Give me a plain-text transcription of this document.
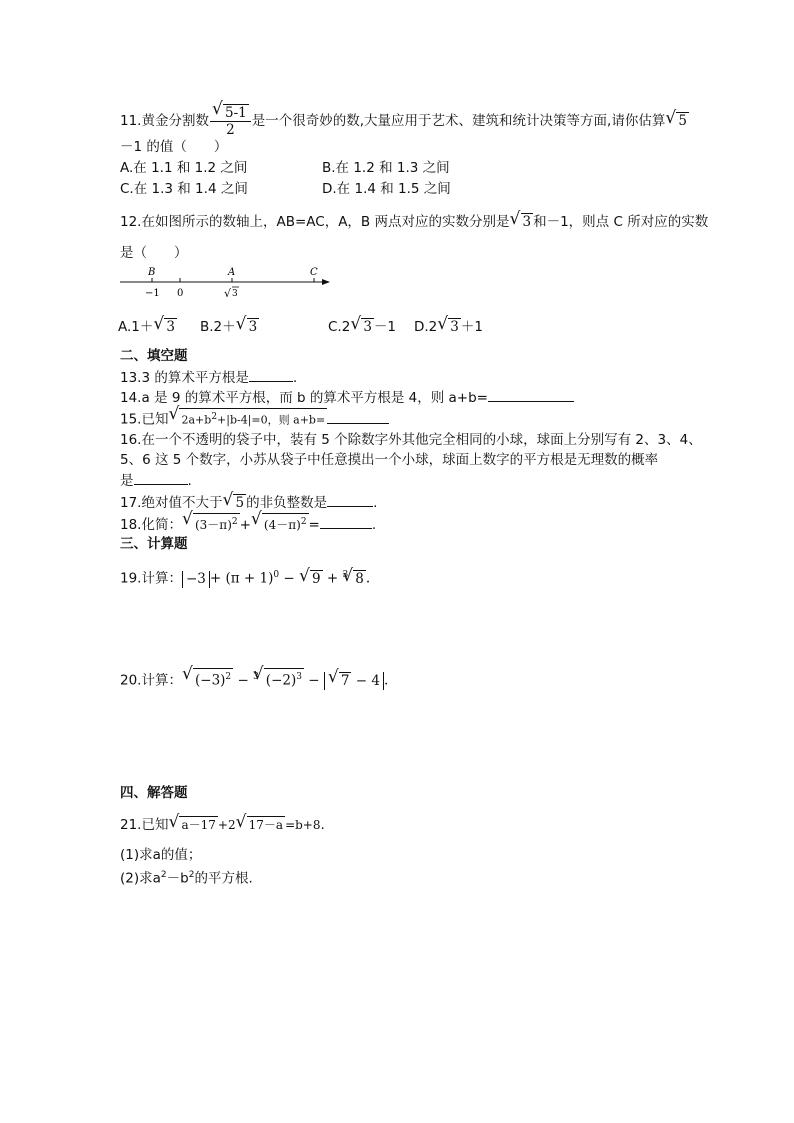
11.黄金分割数
√ $\frac{5-1}{2}$ 是一个很奇妙的数,大量应用于艺术、建筑和统计决策等方面,请你估算√ 5
－1 的值（　　）
A.在 1.1 和 1.2 之间	B.在 1.2 和 1.3 之间
C.在 1.3 和 1.4 之间	D.在 1.4 和 1.5 之间
12.在如图所示的数轴上，AB=AC，A，B 两点对应的实数分别是√ 3 和－1，则点 C 所对应的实数
是（　　）
B	A	C
−1 0	√ 3
A.1＋√ 3 B.2＋√ 3	C.2√ 3 －1 D.2√ 3 ＋1
二、填空题
13.3 的算术平方根是	.
14.a 是 9 的算术平方根，而 b 的算术平方根是 4，则 a+b=
15.已知√ $2a+b^2+|b-4|=0$，则 a+b=
16.在一个不透明的袋子中，装有 5 个除数字外其他完全相同的小球，球面上分别写有 2、3、4、
5、6 这 5 个数字，小苏从袋子中任意摸出一个小球，球面上数字的平方根是无理数的概率
是	.
17.绝对值不大于√ 5 的非负整数是	.
18.化简：√ $(3-\pi)^2$ +√ $(4-\pi)^2$ =	.
三、计算题
19.计算： $-3 + (\pi + 1)^0$ − √ 9 + $^3$√ 8 .
20.计算：√ $(-3)^2 - ^3√$ $(-2)^3$ − √ 7 − 4 .
四、解答题
21.已知√ a－17 +2√ 17－a =b+8.
(1)求a的值；
(2)求$a^2-b^2$的平方根.
